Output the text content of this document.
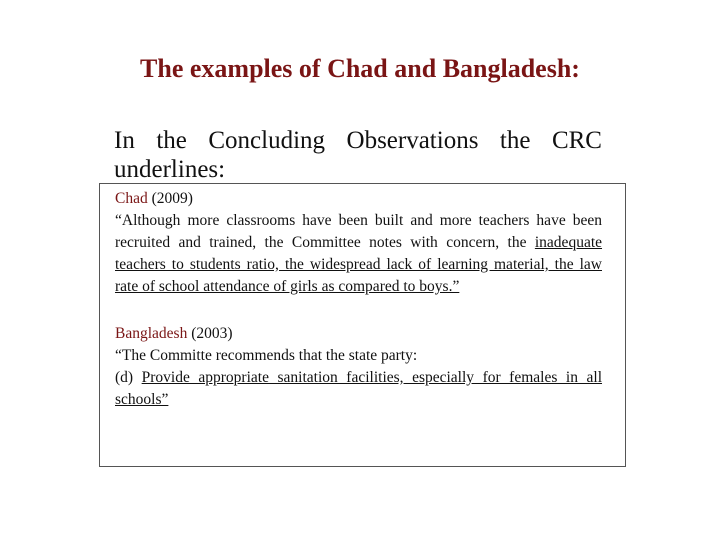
The examples of Chad and Bangladesh:
In the Concluding Observations the CRC underlines:
Chad (2009)
“Although more classrooms have been built and more teachers have been recruited and trained, the Committee notes with concern, the inadequate teachers to students ratio, the widespread lack of learning material, the law rate of school attendance of girls as compared to boys.”
Bangladesh (2003)
“The Committe recommends that the state party:
(d) Provide appropriate sanitation facilities, especially for females in all schools”
